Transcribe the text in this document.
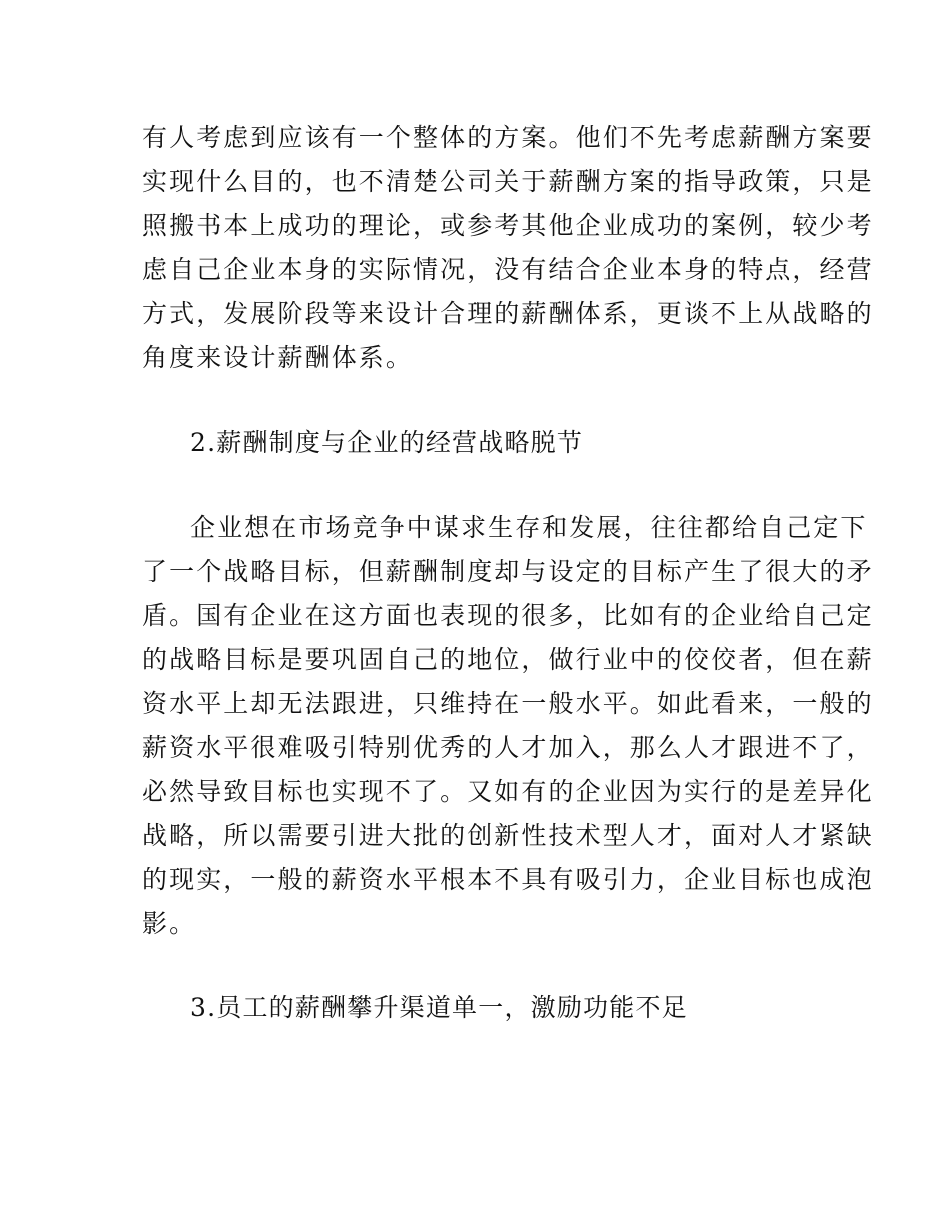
有人考虑到应该有一个整体的方案。他们不先考虑薪酬方案要
实现什么目的，也不清楚公司关于薪酬方案的指导政策，只是
照搬书本上成功的理论，或参考其他企业成功的案例，较少考
虑自己企业本身的实际情况，没有结合企业本身的特点，经营
方式，发展阶段等来设计合理的薪酬体系，更谈不上从战略的
角度来设计薪酬体系。
2.薪酬制度与企业的经营战略脱节
企业想在市场竞争中谋求生存和发展，往往都给自己定下
了一个战略目标，但薪酬制度却与设定的目标产生了很大的矛
盾。国有企业在这方面也表现的很多，比如有的企业给自己定
的战略目标是要巩固自己的地位，做行业中的佼佼者，但在薪
资水平上却无法跟进，只维持在一般水平。如此看来，一般的
薪资水平很难吸引特别优秀的人才加入，那么人才跟进不了，
必然导致目标也实现不了。又如有的企业因为实行的是差异化
战略，所以需要引进大批的创新性技术型人才，面对人才紧缺
的现实，一般的薪资水平根本不具有吸引力，企业目标也成泡
影。
3.员工的薪酬攀升渠道单一，激励功能不足
